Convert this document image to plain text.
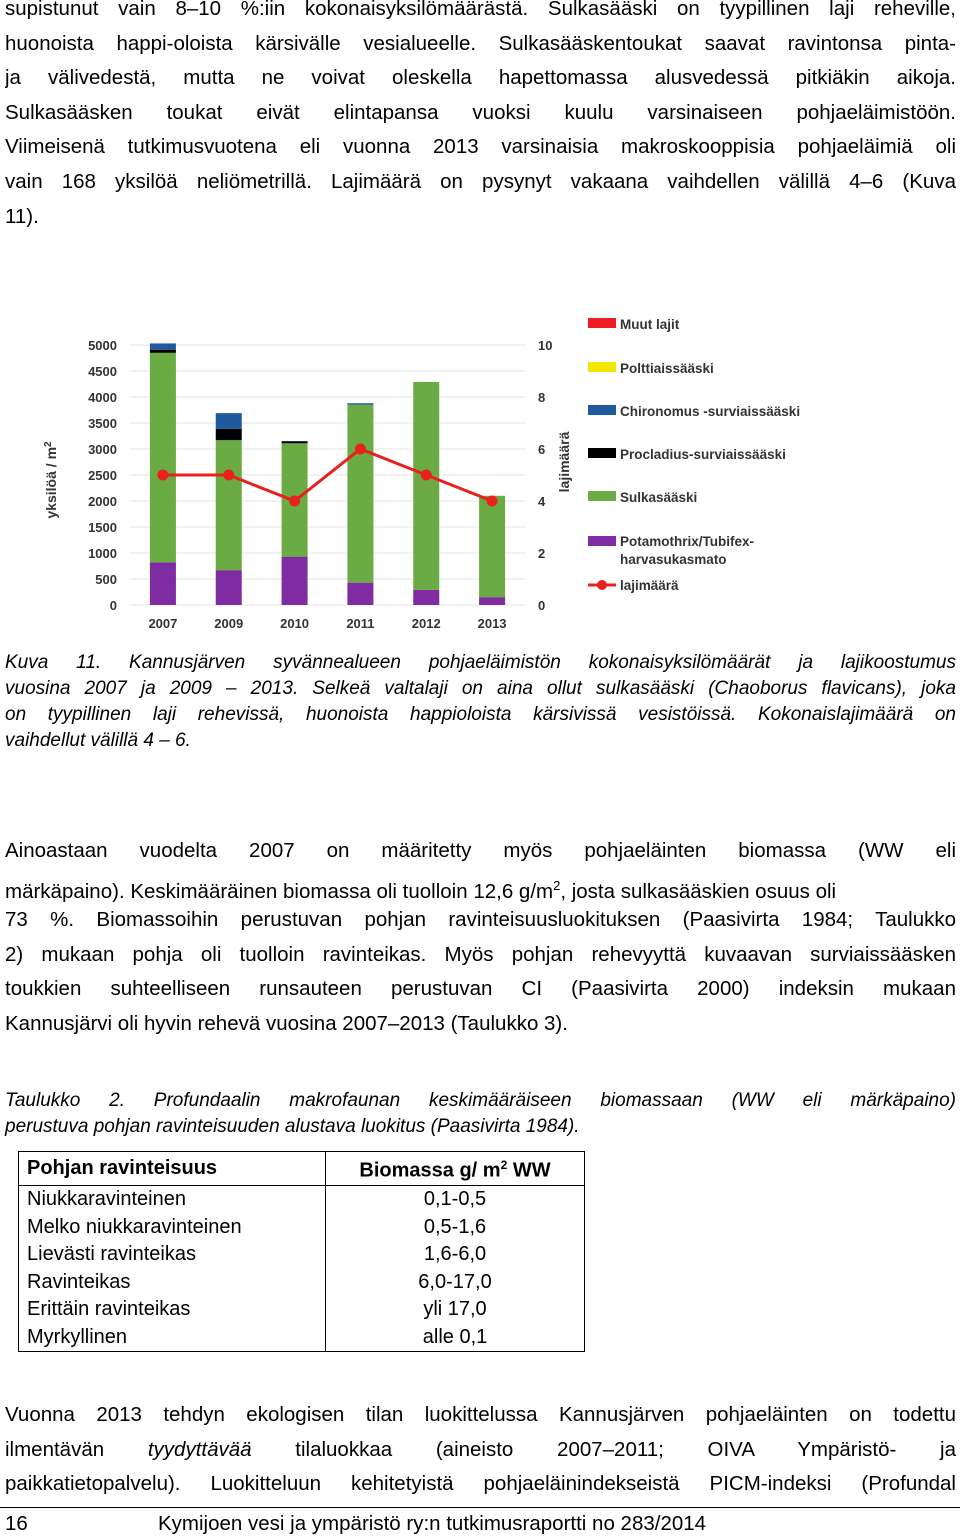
supistunut vain 8–10 %:iin kokonaisyksilömäärästä. Sulkasääski on tyypillinen laji reheville,
huonoista happi-oloista kärsivälle vesialueelle. Sulkasääskentoukat saavat ravintonsa pinta-
ja välivedestä, mutta ne voivat oleskella hapettomassa alusvedessä pitkiäkin aikoja.
Sulkasääsken toukat eivät elintapansa vuoksi kuulu varsinaiseen pohjaeläimistöön.
Viimeisenä tutkimusvuotena eli vuonna 2013 varsinaisia makroskooppisia pohjaeläimiä oli
vain 168 yksilöä neliömetrillä. Lajimäärä on pysynyt vakaana vaihdellen välillä 4–6 (Kuva
11).
0
500
1000
1500
2000
2500
3000
3500
4000
4500
5000
0
2
4
6
8
10
2007	2009	2010	2011	2012	2013
yksilöä / $m^2$	lajimäärä
Muut lajit
Polttiaissääski
Chironomus -surviaissääski
Procladius-surviaissääski
Sulkasääski
Potamothrix/Tubifex-
harvasukasmato
lajimäärä
Kuva 11. Kannusjärven syvännealueen pohjaeläimistön kokonaisyksilömäärät ja lajikoostumus
vuosina 2007 ja 2009 – 2013. Selkeä valtalaji on aina ollut sulkasääski (Chaoborus flavicans), joka
on tyypillinen laji rehevissä, huonoista happioloista kärsivissä vesistöissä. Kokonaislajimäärä on
vaihdellut välillä 4 – 6.
Ainoastaan vuodelta 2007 on määritetty myös pohjaeläinten biomassa (WW eli
märkäpaino). Keskimääräinen biomassa oli tuolloin 12,6 $g/m^2$, josta sulkasääskien osuus oli
73 %. Biomassoihin perustuvan pohjan ravinteisuusluokituksen (Paasivirta 1984; Taulukko
2) mukaan pohja oli tuolloin ravinteikas. Myös pohjan rehevyyttä kuvaavan surviaissääsken
toukkien suhteelliseen runsauteen perustuvan CI (Paasivirta 2000) indeksin mukaan
Kannusjärvi oli hyvin rehevä vuosina 2007–2013 (Taulukko 3).
Taulukko 2. Profundaalin makrofaunan keskimääräiseen biomassaan (WW eli märkäpaino)
perustuva pohjan ravinteisuuden alustava luokitus (Paasivirta 1984).
Pohjan ravinteisuus	Biomassa g/ $m^2$ WW
Niukkaravinteinen	0,1-0,5
Melko niukkaravinteinen	0,5-1,6
Lievästi ravinteikas	1,6-6,0
Ravinteikas	6,0-17,0
Erittäin ravinteikas	yli 17,0
Myrkyllinen	alle 0,1
Vuonna 2013 tehdyn ekologisen tilan luokittelussa Kannusjärven pohjaeläinten on todettu
ilmentävän tyydyttävää tilaluokkaa (aineisto 2007–2011; OIVA Ympäristö- ja
paikkatietopalvelu). Luokitteluun kehitetyistä pohjaeläinindekseistä PICM-indeksi (Profundal
16	Kymijoen vesi ja ympäristö ry:n tutkimusraportti no 283/2014
